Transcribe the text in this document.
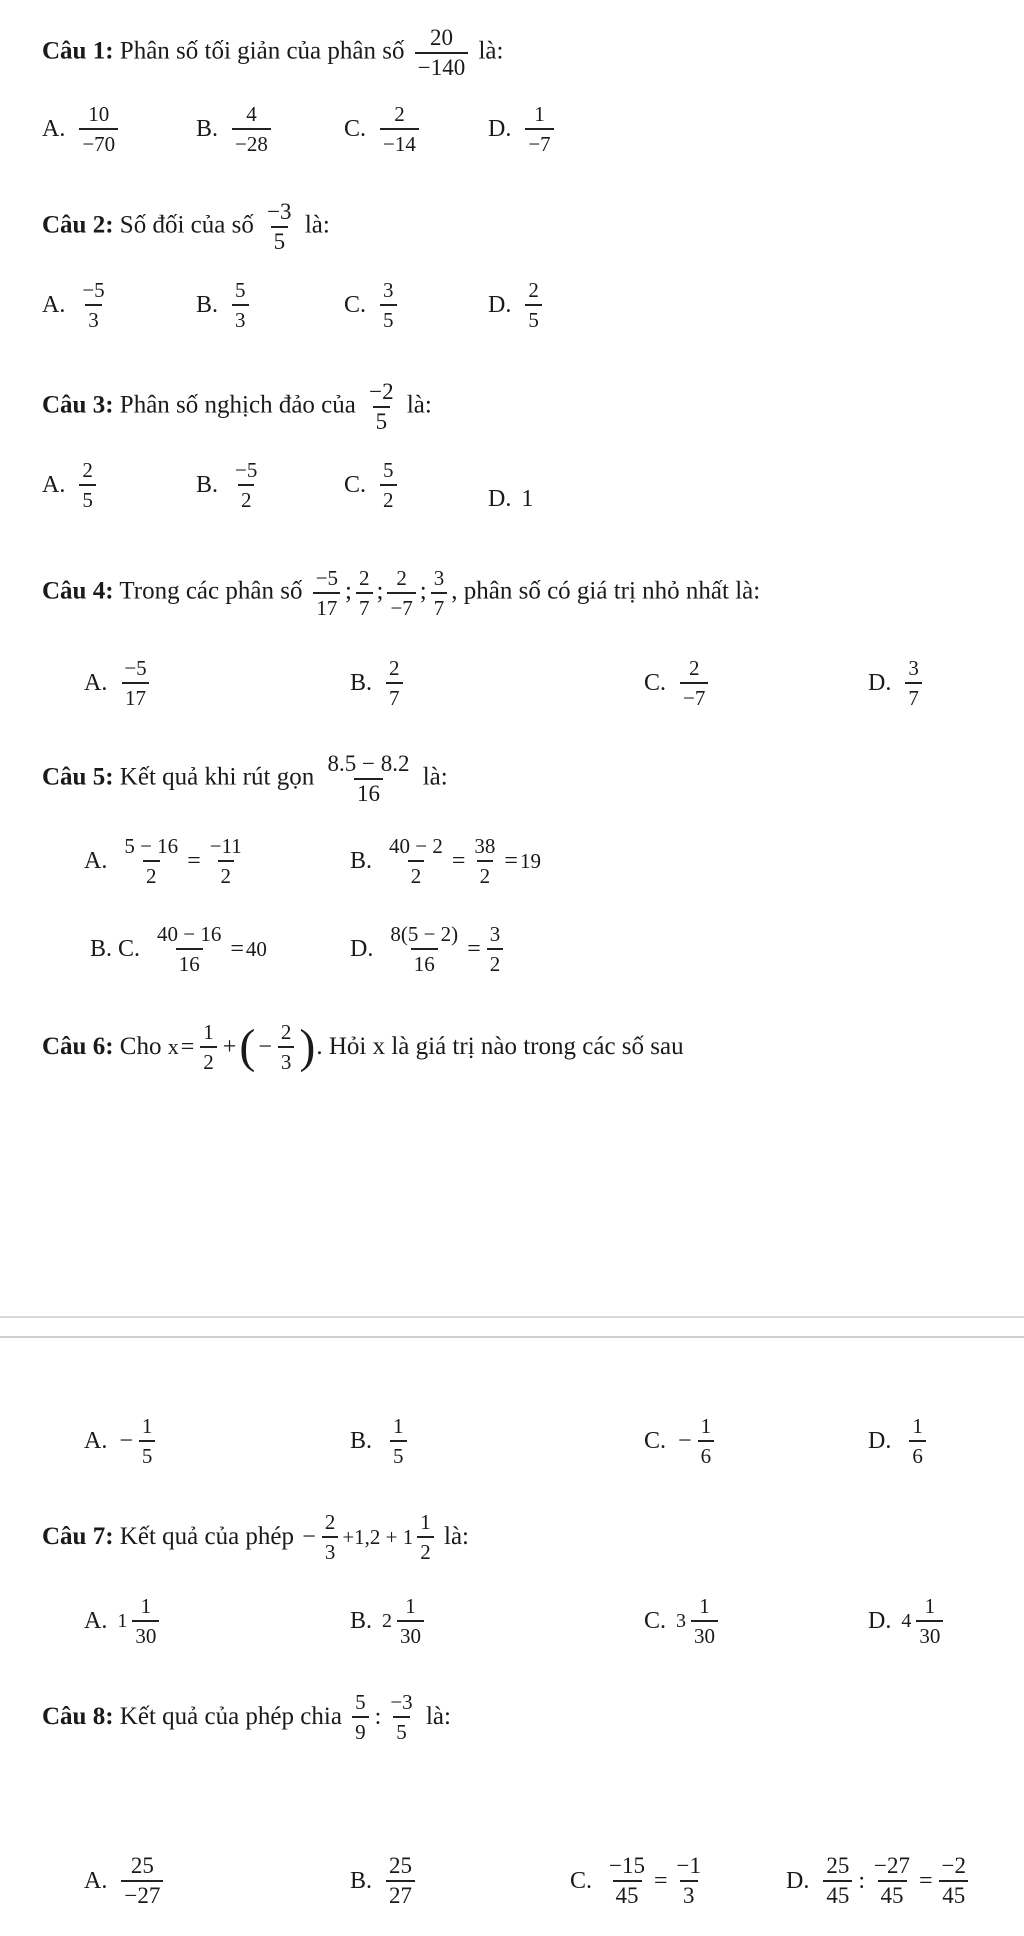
Câu 1: Phân số tối giản của phân số $\frac{20}{-140}$ là:
A. $\frac{10}{-70}$	B. $\frac{4}{-28}$	C. $\frac{2}{-14}$	D. $\frac{1}{-7}$
Câu 2: Số đối của số $\frac{-3}{5}$ là:
A. $\frac{-5}{3}$	B. $\frac{5}{3}$	C. $\frac{3}{5}$	D. $\frac{2}{5}$
Câu 3: Phân số nghịch đảo của $\frac{-2}{5}$ là:
A. $\frac{2}{5}$	B. $\frac{-5}{2}$	C. $\frac{5}{2}$	D. 1
Câu 4: Trong các phân số $\frac{-5}{17}$ ; $\frac{2}{7}$ ; $\frac{2}{-7}$ ; $\frac{3}{7}$ , phân số có giá trị nhỏ nhất là:
A. $\frac{-5}{17}$	B. $\frac{2}{7}$	C. $\frac{2}{-7}$	D. $\frac{3}{7}$
Câu 5: Kết quả khi rút gọn $\frac{8.5 - 8.2}{16}$ là:
A. $\frac{5 - 16}{2} = \frac{-11}{2}$	B. $\frac{40 - 2}{2} = \frac{38}{2} = 19$
B. C. $\frac{40 - 16}{16} = 40$	D. $\frac{8(5 - 2)}{16} = \frac{3}{2}$
Câu 6:
Cho
$x = \frac{1}{2}$ + ( − $\frac{2}{3}$ ) . Hỏi x là giá trị nào trong các số sau
A. − $\frac{1}{5}$	B. $\frac{1}{5}$	C. − $\frac{1}{6}$	D. $\frac{1}{6}$
Câu 7:
Kết quả của phép
− $\frac{2}{3} +1,2 + 1 \frac{1}{2}$
là:
A. $1 \frac{1}{30}$	B. $2 \frac{1}{30}$	C. $3 \frac{1}{30}$	D. $4 \frac{1}{30}$
Câu 8:
Kết quả của phép chia
$\frac{5}{9}$ : $\frac{-3}{5}$
là:
A. $\frac{25}{-27}$	B. $\frac{25}{27}$	C. $\frac{-15}{45} = \frac{-1}{3}$	D. $\frac{25}{45}$ : $\frac{-27}{45} = \frac{-2}{45}$
